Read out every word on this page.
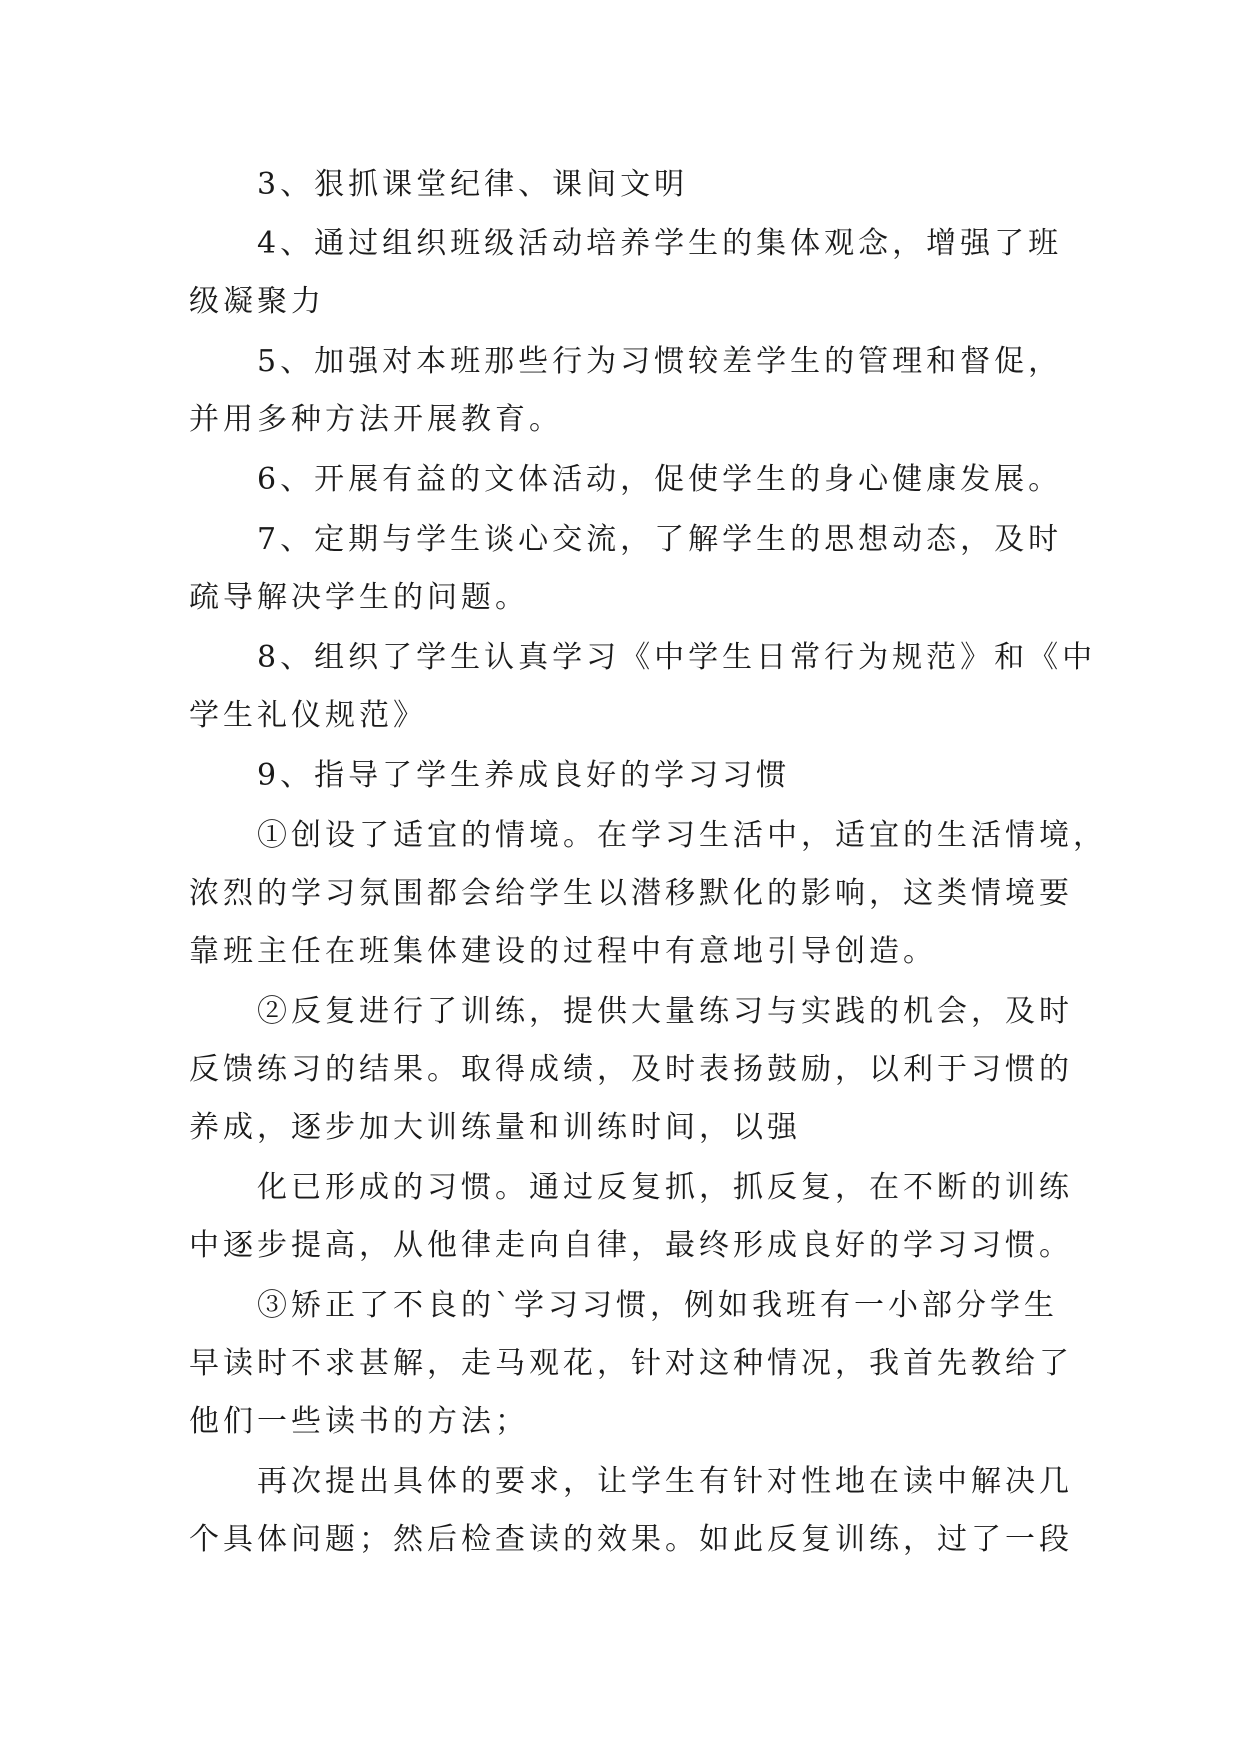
3、狠抓课堂纪律、课间文明
4、通过组织班级活动培养学生的集体观念，增强了班
级凝聚力
5、加强对本班那些行为习惯较差学生的管理和督促，
并用多种方法开展教育。
6、开展有益的文体活动，促使学生的身心健康发展。
7、定期与学生谈心交流，了解学生的思想动态，及时
疏导解决学生的问题。
8、组织了学生认真学习《中学生日常行为规范》和《中
学生礼仪规范》
9、指导了学生养成良好的学习习惯
①创设了适宜的情境。在学习生活中，适宜的生活情境，
浓烈的学习氛围都会给学生以潜移默化的影响，这类情境要
靠班主任在班集体建设的过程中有意地引导创造。
②反复进行了训练，提供大量练习与实践的机会，及时
反馈练习的结果。取得成绩，及时表扬鼓励，以利于习惯的
养成，逐步加大训练量和训练时间，以强
化已形成的习惯。通过反复抓，抓反复，在不断的训练
中逐步提高，从他律走向自律，最终形成良好的学习习惯。
③矫正了不良的`学习习惯，例如我班有一小部分学生
早读时不求甚解，走马观花，针对这种情况，我首先教给了
他们一些读书的方法；
再次提出具体的要求，让学生有针对性地在读中解决几
个具体问题；然后检查读的效果。如此反复训练，过了一段
